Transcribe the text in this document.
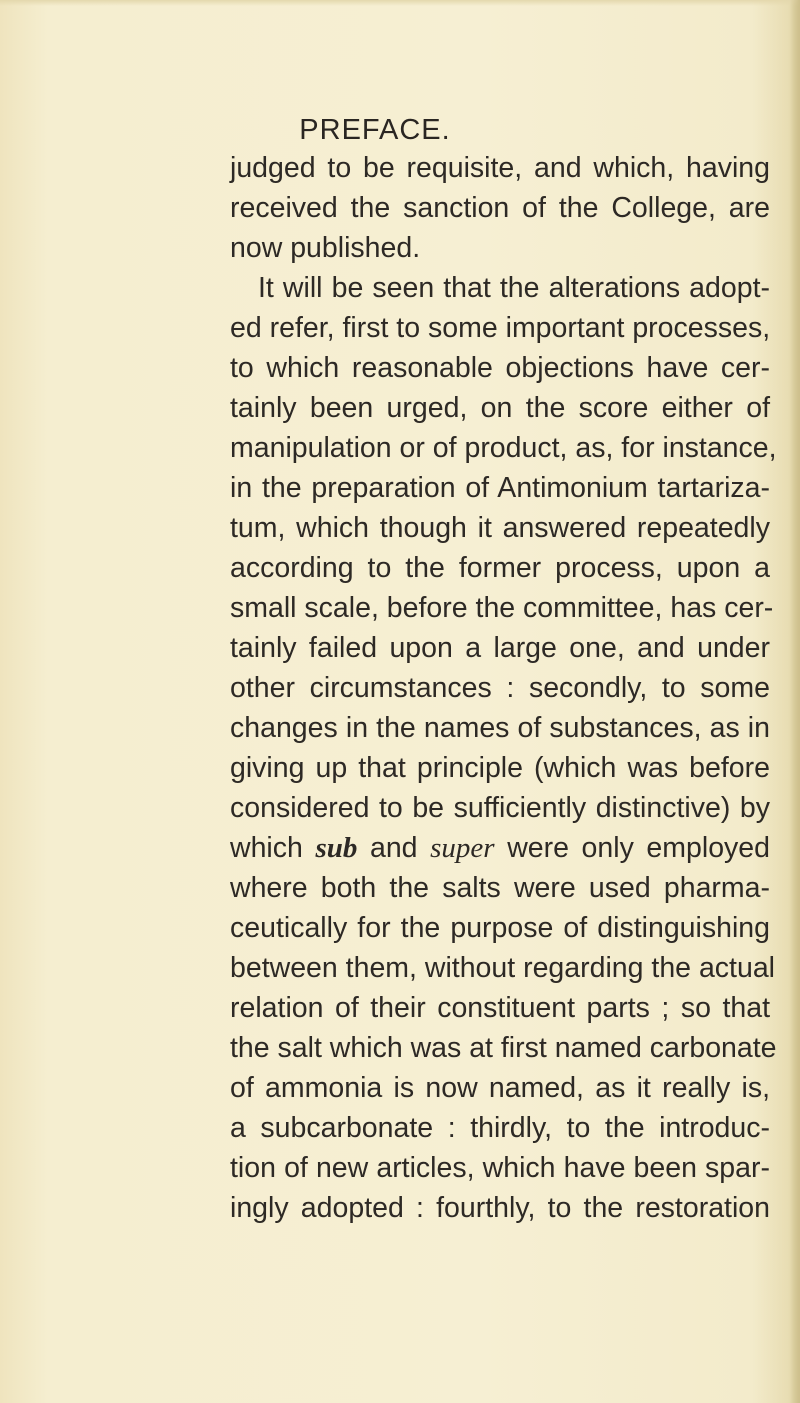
PREFACE.
judged to be requisite, and which, having
received the sanction of the College, are
now published.
It will be seen that the alterations adopt-
ed refer, first to some important processes,
to which reasonable objections have cer-
tainly been urged, on the score either of
manipulation or of product, as, for instance,
in the preparation of Antimonium tartariza-
tum, which though it answered repeatedly
according to the former process, upon a
small scale, before the committee, has cer-
tainly failed upon a large one, and under
other circumstances : secondly, to some
changes in the names of substances, as in
giving up that principle (which was before
considered to be sufficiently distinctive) by
which sub and super were only employed
where both the salts were used pharma-
ceutically for the purpose of distinguishing
between them, without regarding the actual
relation of their constituent parts ; so that
the salt which was at first named carbonate
of ammonia is now named, as it really is,
a subcarbonate : thirdly, to the introduc-
tion of new articles, which have been spar-
ingly adopted : fourthly, to the restoration
